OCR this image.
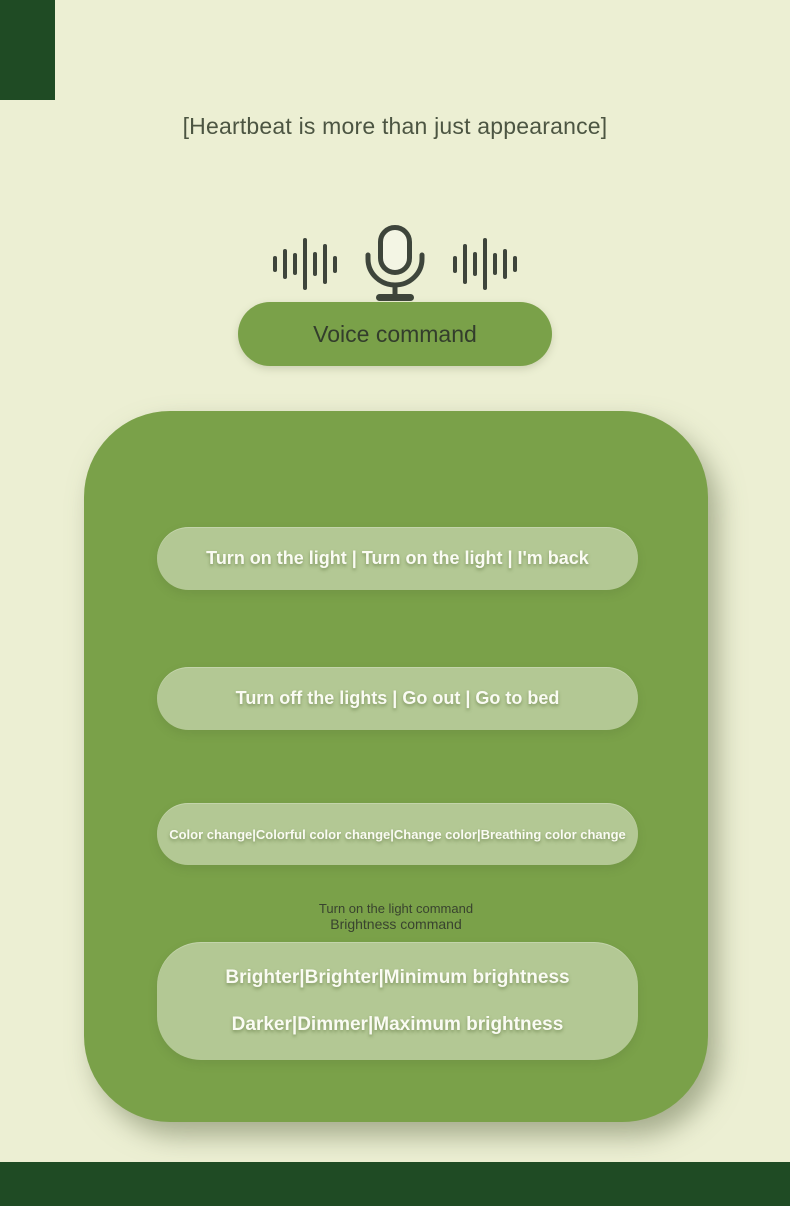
[Heartbeat is more than just appearance]
Voice command
Turn on the light command
Turn on the light | Turn on the light | I'm back
Turn off the lights | Go out | Go to bed
Color change|Colorful color change|Change color|Breathing color change
Brightness command
Brighter|Brighter|Minimum brightness
Darker|Dimmer|Maximum brightness
